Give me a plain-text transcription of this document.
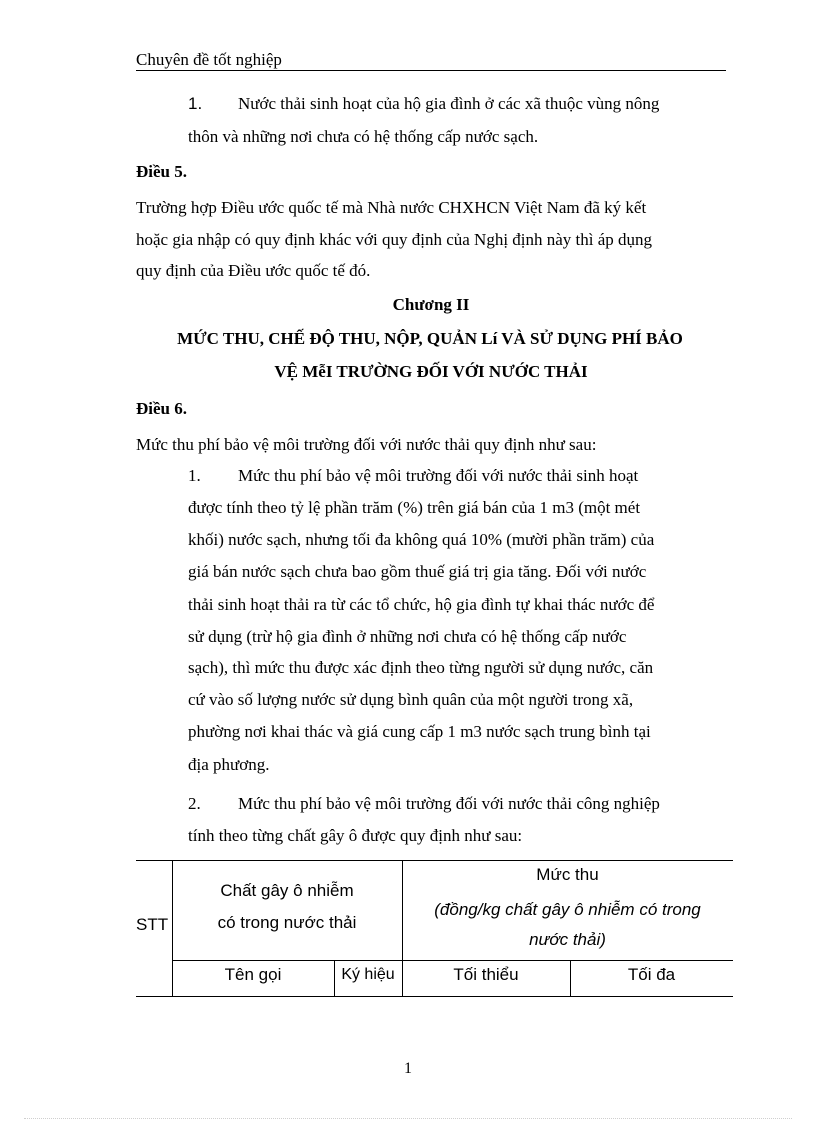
Chuyên đề tốt nghiệp
1. Nước thải sinh hoạt của hộ gia đình ở các xã thuộc vùng nông
thôn và những nơi chưa có hệ thống cấp nước sạch.
Điều 5.
Trường hợp Điều ước quốc tế mà Nhà nước CHXHCN Việt Nam đã ký kết
hoặc gia nhập có quy định khác với quy định của Nghị định này thì áp dụng
quy định của Điều ước quốc tế đó.
Chương II
MỨC THU, CHẾ ĐỘ THU, NỘP, QUẢN Lí VÀ SỬ DỤNG PHÍ BẢO
VỆ MễI TRƯỜNG ĐỐI VỚI NƯỚC THẢI
Điều 6.
Mức thu phí bảo vệ môi trường đối với nước thải quy định như sau:
1. Mức thu phí bảo vệ môi trường đối với nước thải sinh hoạt
được tính theo tỷ lệ phần trăm (%) trên giá bán của 1 m3 (một mét
khối) nước sạch, nhưng tối đa không quá 10% (mười phần trăm) của
giá bán nước sạch chưa bao gồm thuế giá trị gia tăng. Đối với nước
thải sinh hoạt thải ra từ các tổ chức, hộ gia đình tự khai thác nước để
sử dụng (trừ hộ gia đình ở những nơi chưa có hệ thống cấp nước
sạch), thì mức thu được xác định theo từng người sử dụng nước, căn
cứ vào số lượng nước sử dụng bình quân của một người trong xã,
phường nơi khai thác và giá cung cấp 1 m3 nước sạch trung bình tại
địa phương.
2. Mức thu phí bảo vệ môi trường đối với nước thải công nghiệp
tính theo từng chất gây ô được quy định như sau:
STT
Chất gây ô nhiễm
có trong nước thải
Mức thu
(đồng/kg chất gây ô nhiễm có trong
nước thải)
Tên gọi	Ký hiệu	Tối thiểu	Tối đa
1
